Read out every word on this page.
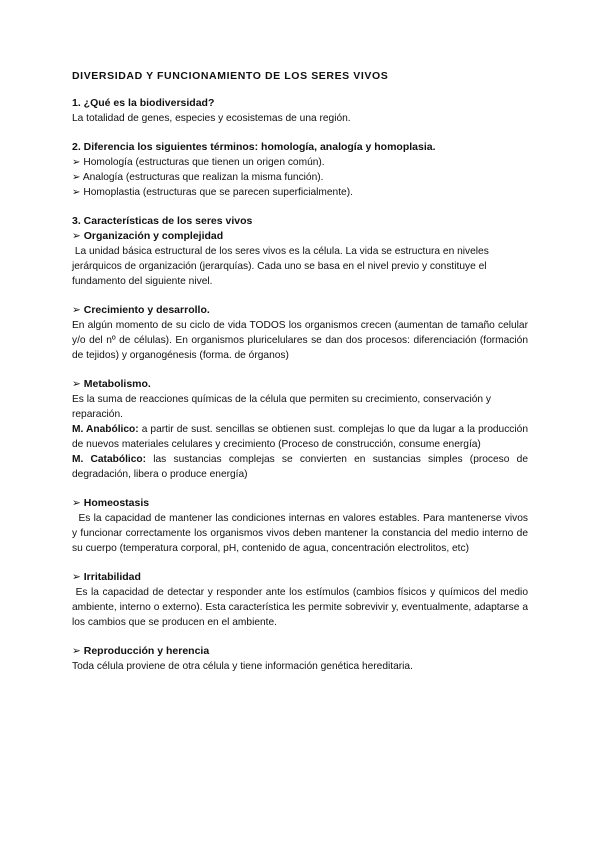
DIVERSIDAD Y FUNCIONAMIENTO DE LOS SERES VIVOS
1. ¿Qué es la biodiversidad?

La totalidad de genes, especies y ecosistemas de una región.

2. Diferencia los siguientes términos: homología, analogía y homoplasia.
➢ Homología (estructuras que tienen un origen común).
➢ Analogía (estructuras que realizan la misma función).
➢ Homoplastia (estructuras que se parecen superficialmente).
3. Características de los seres vivos
➢ Organización y complejidad

La unidad básica estructural de los seres vivos es la célula. La vida se estructura en niveles jerárquicos de organización (jerarquías). Cada uno se basa en el nivel previo y constituye el fundamento del siguiente nivel.

➢ Crecimiento y desarrollo.

En algún momento de su ciclo de vida TODOS los organismos crecen (aumentan de tamaño celular y/o del nº de células). En organismos pluricelulares se dan dos procesos: diferenciación (formación de tejidos) y organogénesis (forma. de órganos)

➢ Metabolismo.

Es la suma de reacciones químicas de la célula que permiten su crecimiento, conservación y reparación.

M. Anabólico: a partir de sust. sencillas se obtienen sust. complejas lo que da lugar a la producción de nuevos materiales celulares y crecimiento (Proceso de construcción, consume energía)

M. Catabólico: las sustancias complejas se convierten en sustancias simples (proceso de degradación, libera o produce energía)

➢ Homeostasis

Es la capacidad de mantener las condiciones internas en valores estables. Para mantenerse vivos y funcionar correctamente los organismos vivos deben mantener la constancia del medio interno de su cuerpo (temperatura corporal, pH, contenido de agua, concentración electrolitos, etc)

➢ Irritabilidad

Es la capacidad de detectar y responder ante los estímulos (cambios físicos y químicos del medio ambiente, interno o externo). Esta característica les permite sobrevivir y, eventualmente, adaptarse a los cambios que se producen en el ambiente.

➢ Reproducción y herencia

Toda célula proviene de otra célula y tiene información genética hereditaria.
